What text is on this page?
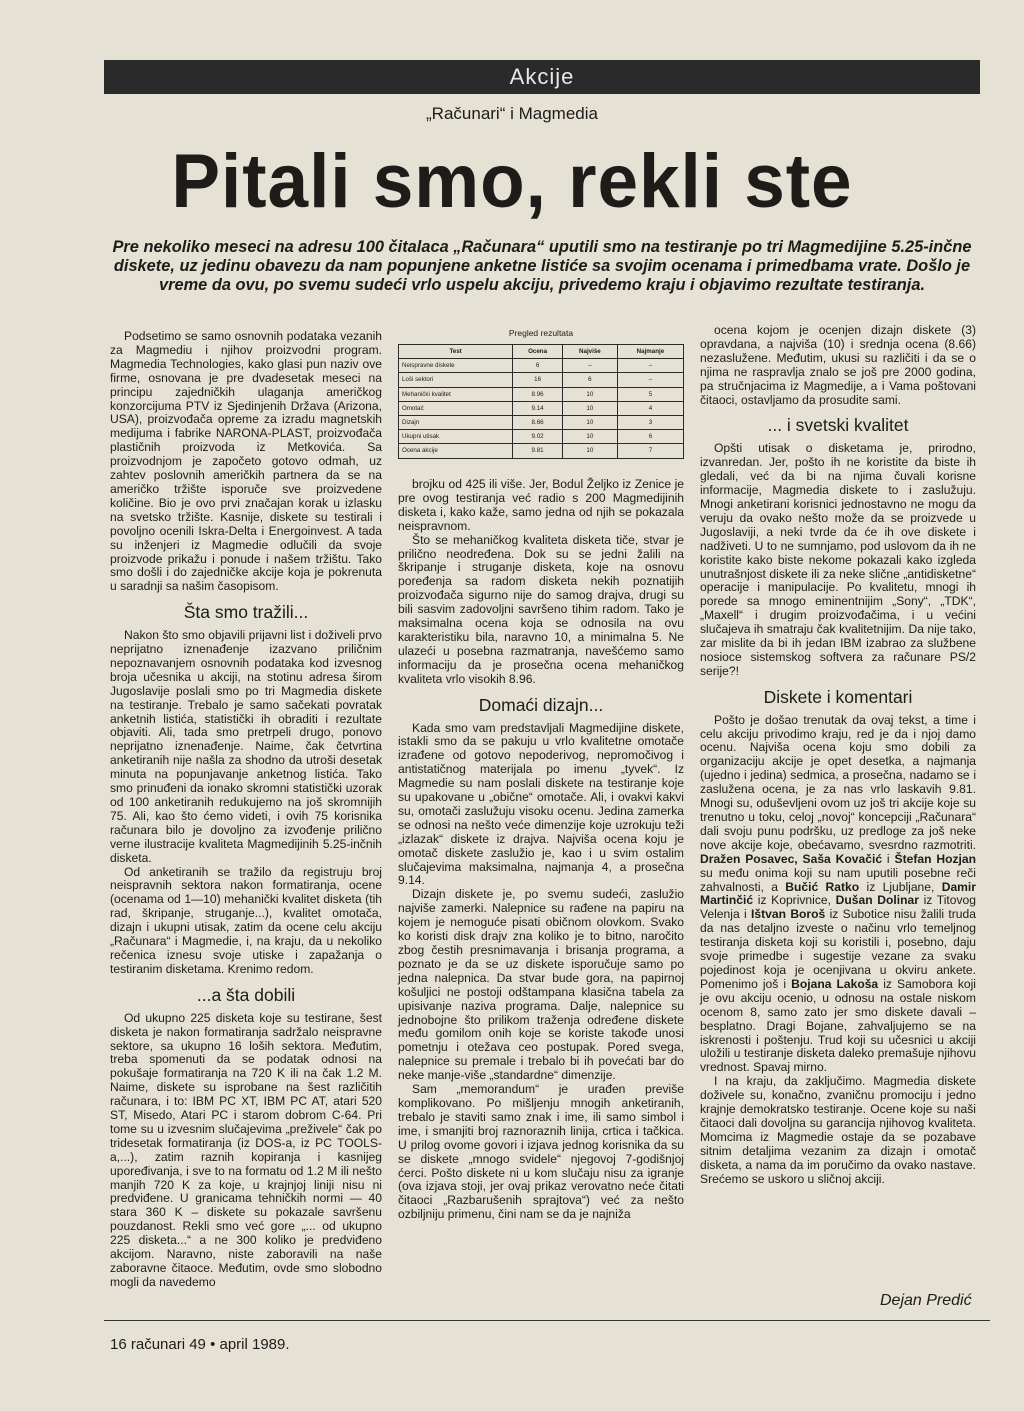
Akcije
„Računari“ i Magmedia
Pitali smo, rekli ste
Pre nekoliko meseci na adresu 100 čitalaca „Računara“ uputili smo na testiranje po tri Magmedijine 5.25-inčne diskete, uz jedinu obavezu da nam popunjene anketne listiće sa svojim ocenama i primedbama vrate. Došlo je vreme da ovu, po svemu sudeći vrlo uspelu akciju, privedemo kraju i objavimo rezultate testiranja.

Podsetimo se samo osnovnih podataka vezanih za Magmediu i njihov proizvodni program. Magmedia Technologies, kako glasi pun naziv ove firme, osnovana je pre dvadesetak meseci na principu zajedničkih ulaganja američkog konzorcijuma PTV iz Sjedinjenih Država (Arizona, USA), proizvođača opreme za izradu magnetskih medijuma i fabrike NARONA-PLAST, proizvođača plastičnih proizvoda iz Metkovića. Sa proizvodnjom je započeto gotovo odmah, uz zahtev poslovnih američkih partnera da se na američko tržište isporuče sve proizvedene količine. Bio je ovo prvi značajan korak u izlasku na svetsko tržište. Kasnije, diskete su testirali i povoljno ocenili Iskra-Delta i Energoinvest. A tada su inženjeri iz Magmedie odlučili da svoje proizvode prikažu i ponude i našem tržištu. Tako smo došli i do zajedničke akcije koja je pokrenuta u saradnji sa našim časopisom.

Šta smo tražili...

Nakon što smo objavili prijavni list i doživeli prvo neprijatno iznenađenje izazvano priličnim nepoznavanjem osnovnih podataka kod izvesnog broja učesnika u akciji, na stotinu adresa širom Jugoslavije poslali smo po tri Magmedia diskete na testiranje. Trebalo je samo sačekati povratak anketnih listića, statistički ih obraditi i rezultate objaviti. Ali, tada smo pretrpeli drugo, ponovo neprijatno iznenađenje. Naime, čak četvrtina anketiranih nije našla za shodno da utroši desetak minuta na popunjavanje anketnog listića. Tako smo prinuđeni da ionako skromni statistički uzorak od 100 anketiranih redukujemo na još skromnijih 75. Ali, kao što ćemo videti, i ovih 75 korisnika računara bilo je dovoljno za izvođenje prilično verne ilustracije kvaliteta Magmedijinih 5.25-inčnih disketa.

Od anketiranih se tražilo da registruju broj neispravnih sektora nakon formatiranja, ocene (ocenama od 1—10) mehanički kvalitet disketa (tih rad, škripanje, struganje...), kvalitet omotača, dizajn i ukupni utisak, zatim da ocene celu akciju „Računara“ i Magmedie, i, na kraju, da u nekoliko rečenica iznesu svoje utiske i zapažanja o testiranim disketama. Krenimo redom.

...a šta dobili

Od ukupno 225 disketa koje su testirane, šest disketa je nakon formatiranja sadržalo neispravne sektore, sa ukupno 16 loših sektora. Međutim, treba spomenuti da se podatak odnosi na pokušaje formatiranja na 720 K ili na čak 1.2 M. Naime, diskete su isprobane na šest različitih računara, i to: IBM PC XT, IBM PC AT, atari 520 ST, Misedo, Atari PC i starom dobrom C-64. Pri tome su u izvesnim slučajevima „preživele“ čak po tridesetak formatiranja (iz DOS-a, iz PC TOOLS-a,...), zatim raznih kopiranja i kasnijeg upoređivanja, i sve to na formatu od 1.2 M ili nešto manjih 720 K za koje, u krajnjoj liniji nisu ni predviđene. U granicama tehničkih normi — 40 stara 360 K – diskete su pokazale savršenu pouzdanost. Rekli smo već gore „... od ukupno 225 disketa...“ a ne 300 koliko je predviđeno akcijom. Naravno, niste zaboravili na naše zaboravne čitaoce. Međutim, ovde smo slobodno mogli da navedemo

Pregled rezultata
Test	Ocena	Najviše	Najmanje
Neispravne diskete	6	–	–
Loši sektori	16	6	–
Mehanički kvalitet	8.96	10	5
Omotač	9.14	10	4
Dizajn	8.66	10	3
Ukupni utisak	9.02	10	6
Ocena akcije	9.81	10	7

brojku od 425 ili više. Jer, Bodul Željko iz Zenice je pre ovog testiranja već radio s 200 Magmedijinih disketa i, kako kaže, samo jedna od njih se pokazala neispravnom.

Što se mehaničkog kvaliteta disketa tiče, stvar je prilično neodređena. Dok su se jedni žalili na škripanje i struganje disketa, koje na osnovu poređenja sa radom disketa nekih poznatijih proizvođača sigurno nije do samog drajva, drugi su bili sasvim zadovoljni savršeno tihim radom. Tako je maksimalna ocena koja se odnosila na ovu karakteristiku bila, naravno 10, a minimalna 5. Ne ulazeći u posebna razmatranja, navešćemo samo informaciju da je prosečna ocena mehaničkog kvaliteta vrlo visokih 8.96.

Domaći dizajn...

Kada smo vam predstavljali Magmedijine diskete, istakli smo da se pakuju u vrlo kvalitetne omotače izrađene od gotovo nepoderivog, nepromočivog i antistatičnog materijala po imenu „tyvek“. Iz Magmedie su nam poslali diskete na testiranje koje su upakovane u „obične“ omotače. Ali, i ovakvi kakvi su, omotači zaslužuju visoku ocenu. Jedina zamerka se odnosi na nešto veće dimenzije koje uzrokuju teži „izlazak“ diskete iz drajva. Najviša ocena koju je omotač diskete zaslužio je, kao i u svim ostalim slučajevima maksimalna, najmanja 4, a prosečna 9.14.

Dizajn diskete je, po svemu sudeći, zaslužio najviše zamerki. Nalepnice su rađene na papiru na kojem je nemoguće pisati običnom olovkom. Svako ko koristi disk drajv zna koliko je to bitno, naročito zbog čestih presnimavanja i brisanja programa, a poznato je da se uz diskete isporučuje samo po jedna nalepnica. Da stvar bude gora, na papirnoj košuljici ne postoji odštampana klasična tabela za upisivanje naziva programa. Dalje, nalepnice su jednobojne što prilikom traženja određene diskete među gomilom onih koje se koriste takođe unosi pometnju i otežava ceo postupak. Pored svega, nalepnice su premale i trebalo bi ih povećati bar do neke manje-više „standardne“ dimenzije.

Sam „memorandum“ je urađen previše komplikovano. Po mišljenju mnogih anketiranih, trebalo je staviti samo znak i ime, ili samo simbol i ime, i smanjiti broj raznoraznih linija, crtica i tačkica. U prilog ovome govori i izjava jednog korisnika da su se diskete „mnogo svidele“ njegovoj 7-godišnjoj ćerci. Pošto diskete ni u kom slučaju nisu za igranje (ova izjava stoji, jer ovaj prikaz verovatno neće čitati čitaoci „Razbarušenih sprajtova“) već za nešto ozbiljniju primenu, čini nam se da je najniža

ocena kojom je ocenjen dizajn diskete (3) opravdana, a najviša (10) i srednja ocena (8.66) nezaslužene. Međutim, ukusi su različiti i da se o njima ne raspravlja znalo se još pre 2000 godina, pa stručnjacima iz Magmedije, a i Vama poštovani čitaoci, ostavljamo da prosudite sami.

... i svetski kvalitet

Opšti utisak o disketama je, prirodno, izvanredan. Jer, pošto ih ne koristite da biste ih gledali, već da bi na njima čuvali korisne informacije, Magmedia diskete to i zaslužuju. Mnogi anketirani korisnici jednostavno ne mogu da veruju da ovako nešto može da se proizvede u Jugoslaviji, a neki tvrde da će ih ove diskete i nadživeti. U to ne sumnjamo, pod uslovom da ih ne koristite kako biste nekome pokazali kako izgleda unutrašnjost diskete ili za neke slične „antidisketne“ operacije i manipulacije. Po kvalitetu, mnogi ih porede sa mnogo eminentnijim „Sony“, „TDK“, „Maxell“ i drugim proizvođačima, i u većini slučajeva ih smatraju čak kvalitetnijim. Da nije tako, zar mislite da bi ih jedan IBM izabrao za službene nosioce sistemskog softvera za računare PS/2 serije?!

Diskete i komentari

Pošto je došao trenutak da ovaj tekst, a time i celu akciju privodimo kraju, red je da i njoj damo ocenu. Najviša ocena koju smo dobili za organizaciju akcije je opet desetka, a najmanja (ujedno i jedina) sedmica, a prosečna, nadamo se i zaslužena ocena, je za nas vrlo laskavih 9.81. Mnogi su, oduševljeni ovom uz još tri akcije koje su trenutno u toku, celoj „novoj“ koncepciji „Računara“ dali svoju punu podršku, uz predloge za još neke nove akcije koje, obećavamo, svesrdno razmotriti. Dražen Posavec, Saša Kovačić i Štefan Hozjan su među onima koji su nam uputili posebne reči zahvalnosti, a Bučić Ratko iz Ljubljane, Damir Martinčić iz Koprivnice, Dušan Dolinar iz Titovog Velenja i Ištvan Boroš iz Subotice nisu žalili truda da nas detaljno izveste o načinu vrlo temeljnog testiranja disketa koji su koristili i, posebno, daju svoje primedbe i sugestije vezane za svaku pojedinost koja je ocenjivana u okviru ankete. Pomenimo još i Bojana Lakoša iz Samobora koji je ovu akciju ocenio, u odnosu na ostale niskom ocenom 8, samo zato jer smo diskete davali – besplatno. Dragi Bojane, zahvaljujemo se na iskrenosti i poštenju. Trud koji su učesnici u akciji uložili u testiranje disketa daleko premašuje njihovu vrednost. Spavaj mirno.

I na kraju, da zaključimo. Magmedia diskete doživele su, konačno, zvaničnu promociju i jedno krajnje demokratsko testiranje. Ocene koje su naši čitaoci dali dovoljna su garancija njihovog kvaliteta. Momcima iz Magmedie ostaje da se pozabave sitnim detaljima vezanim za dizajn i omotač disketa, a nama da im poručimo da ovako nastave. Srećemo se uskoro u sličnoj akciji.

Dejan Predić
16 računari 49 • april 1989.
